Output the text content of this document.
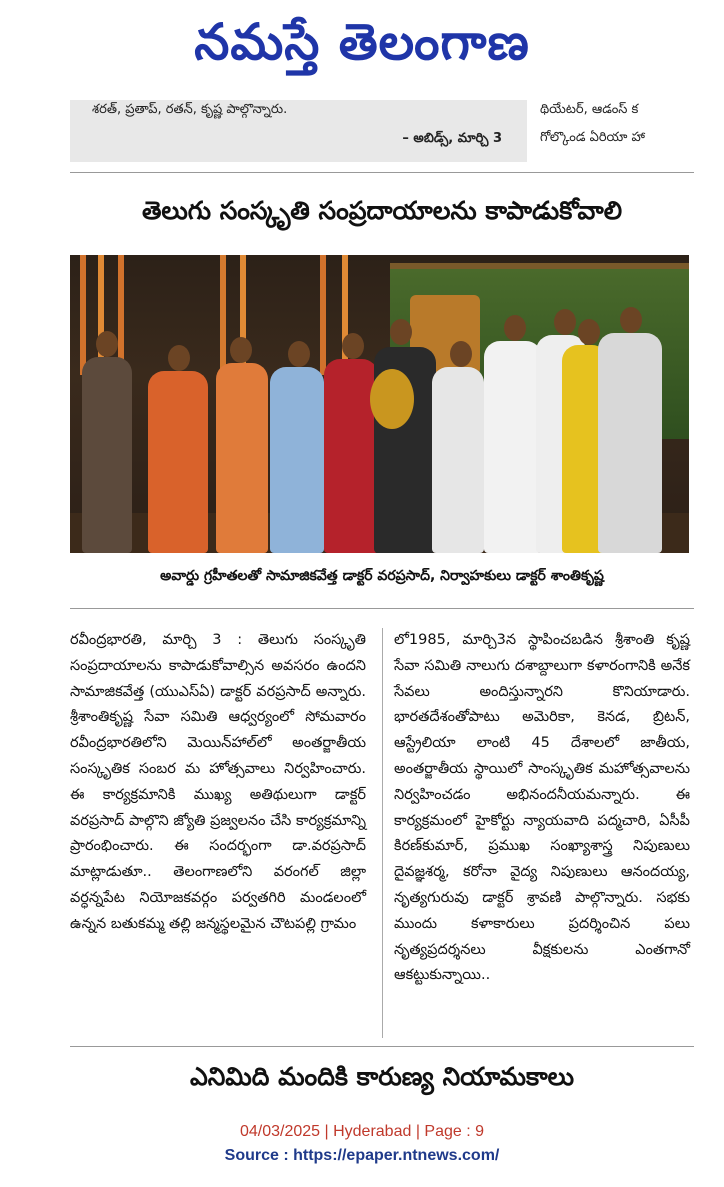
నమస్తే తెలంగాణ
శరత్, ప్రతాప్, రతన్, కృష్ణ పాల్గొన్నారు.
– అబిడ్స్, మార్చి 3
థియేటర్, ఆడంస్ క
గోల్కొండ ఏరియా హా
తెలుగు సంస్కృతి సంప్రదాయాలను కాపాడుకోవాలి
అవార్డు గ్రహీతలతో సామాజికవేత్త డాక్టర్ వరప్రసాద్, నిర్వాహకులు డాక్టర్ శాంతికృష్ణ

రవీంద్రభారతి, మార్చి 3 : తెలుగు సంస్కృతి సంప్రదాయాలను కాపాడుకోవాల్సిన అవసరం ఉందని సామాజికవేత్త (యుఎస్ఏ) డాక్టర్ వరప్రసాద్ అన్నారు. శ్రీశాంతికృష్ణ సేవా సమితి ఆధ్వర్యంలో సోమవారం రవీంద్రభారతిలోని మెయిన్‌హాల్‌లో అంతర్జాతీయ సంస్కృతిక సంబర మ హోత్సవాలు నిర్వహించారు. ఈ కార్యక్రమానికి ముఖ్య అతిథులుగా డాక్టర్ వరప్రసాద్ పాల్గొని జ్యోతి ప్రజ్వలనం చేసి కార్యక్రమాన్ని ప్రారంభించారు. ఈ సందర్భంగా డా.వరప్రసాద్ మాట్లాడుతూ.. తెలంగాణలోని వరంగల్ జిల్లా వర్ధన్నపేట నియోజకవర్గం పర్వతగిరి మండలంలో ఉన్నన బతుకమ్మ తల్లి జన్మస్థలమైన చౌటపల్లి గ్రామం

లో1985, మార్చి3న స్థాపించబడిన శ్రీశాంతి కృష్ణ సేవా సమితి నాలుగు దశాబ్దాలుగా కళారంగానికి అనేక సేవలు అందిస్తున్నారని కొనియాడారు. భారతదేశంతోపాటు అమెరికా, కెనడ, బ్రిటన్, ఆస్ట్రేలియా లాంటి 45 దేశాలలో జాతీయ, అంతర్జాతీయ స్థాయిలో సాంస్కృతిక మహోత్సవాలను నిర్వహించడం అభినందనీయమన్నారు. ఈ కార్యక్రమంలో హైకోర్టు న్యాయవాది పద్మచారి, ఏసీపీ కిరణ్‌కుమార్, ప్రముఖ సంఖ్యాశాస్త్ర నిపుణులు దైవజ్ఞశర్మ, కరోనా వైద్య నిపుణులు ఆనందయ్య, నృత్యగురువు డాక్టర్ శ్రావణి పాల్గొన్నారు. సభకు ముందు కళాకారులు ప్రదర్శించిన పలు నృత్యప్రదర్శనలు వీక్షకులను ఎంతగానో ఆకట్టుకున్నాయి..

ఎనిమిది మందికి కారుణ్య నియామకాలు
04/03/2025 | Hyderabad | Page : 9
Source : https://epaper.ntnews.com/
